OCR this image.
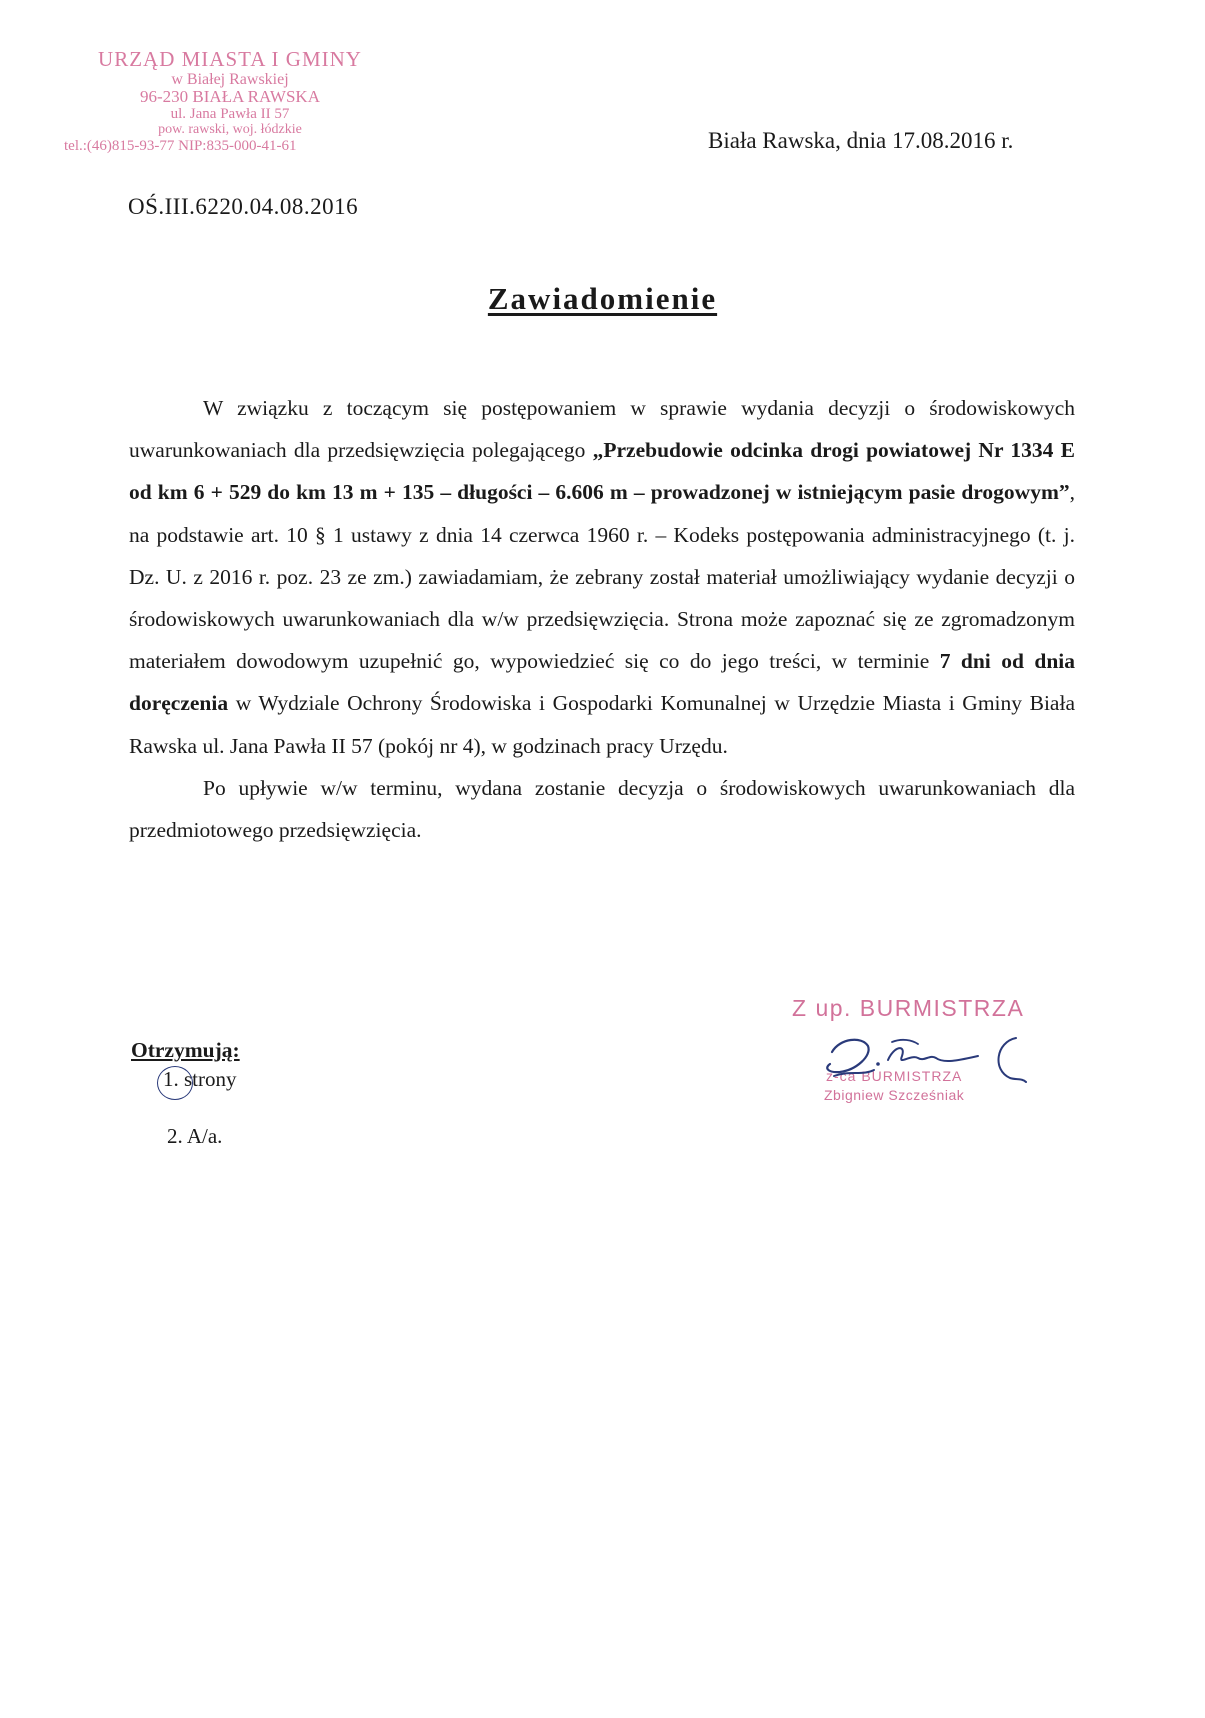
URZĄD MIASTA I GMINY
w Białej Rawskiej
96-230 BIAŁA RAWSKA
ul. Jana Pawła II 57
pow. rawski, woj. łódzkie
tel.:(46)815-93-77 NIP:835-000-41-61	Biała Rawska, dnia 17.08.2016 r.
OŚ.III.6220.04.08.2016
Zawiadomienie

W związku z toczącym się postępowaniem w sprawie wydania decyzji o środowiskowych uwarunkowaniach dla przedsięwzięcia polegającego „Przebudowie odcinka drogi powiatowej Nr 1334 E od km 6 + 529 do km 13 m + 135 – długości – 6.606 m – prowadzonej w istniejącym pasie drogowym”, na podstawie art. 10 § 1 ustawy z dnia 14 czerwca 1960 r. – Kodeks postępowania administracyjnego (t. j. Dz. U. z 2016 r. poz. 23 ze zm.) zawiadamiam, że zebrany został materiał umożliwiający wydanie decyzji o środowiskowych uwarunkowaniach dla w/w przedsięwzięcia. Strona może zapoznać się ze zgromadzonym materiałem dowodowym uzupełnić go, wypowiedzieć się co do jego treści, w terminie 7 dni od dnia doręczenia w Wydziale Ochrony Środowiska i Gospodarki Komunalnej w Urzędzie Miasta i Gminy Biała Rawska ul. Jana Pawła II 57 (pokój nr 4), w godzinach pracy Urzędu.

Po upływie w/w terminu, wydana zostanie decyzja o środowiskowych uwarunkowaniach dla przedmiotowego przedsięwzięcia.

Otrzymują:
1. strony
2. A/a.
Z up. BURMISTRZA
z-ca BURMISTRZA
Zbigniew Szcześniak
